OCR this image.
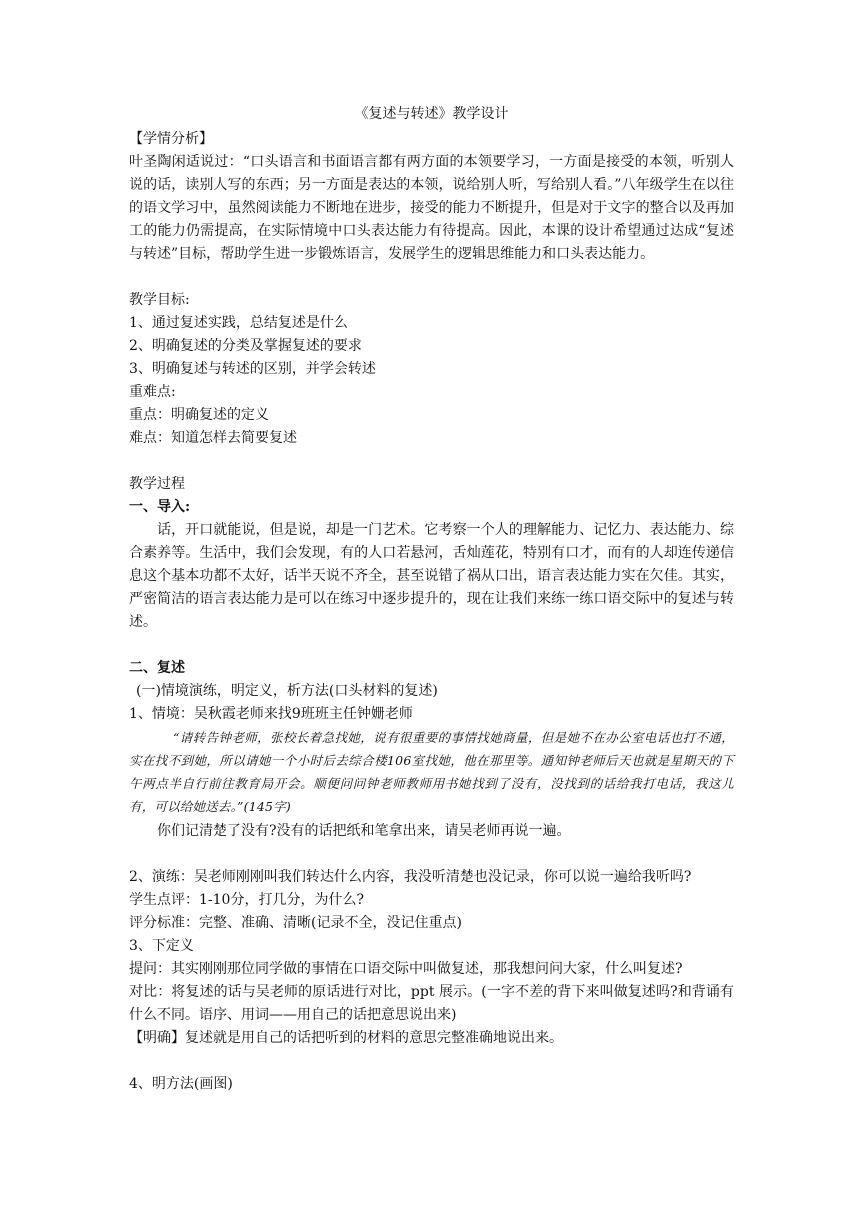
《复述与转述》教学设计

【学情分析】

叶圣陶闲适说过：“口头语言和书面语言都有两方面的本领要学习，一方面是接受的本领，听别人说的话，读别人写的东西；另一方面是表达的本领，说给别人听，写给别人看。”八年级学生在以往的语文学习中，虽然阅读能力不断地在进步，接受的能力不断提升，但是对于文字的整合以及再加工的能力仍需提高，在实际情境中口头表达能力有待提高。因此，本课的设计希望通过达成“复述与转述”目标，帮助学生进一步锻炼语言，发展学生的逻辑思维能力和口头表达能力。

教学目标:

1、通过复述实践，总结复述是什么

2、明确复述的分类及掌握复述的要求

3、明确复述与转述的区别，并学会转述

重难点:

重点：明确复述的定义

难点：知道怎样去简要复述

教学过程

一、导入:

话，开口就能说，但是说，却是一门艺术。它考察一个人的理解能力、记忆力、表达能力、综合素养等。生活中，我们会发现，有的人口若悬河，舌灿莲花，特别有口才，而有的人却连传递信息这个基本功都不太好，话半天说不齐全，甚至说错了祸从口出，语言表达能力实在欠佳。其实，严密简洁的语言表达能力是可以在练习中逐步提升的，现在让我们来练一练口语交际中的复述与转述。

二、复述

(一)情境演练，明定义，析方法(口头材料的复述)

1、情境：吴秋霞老师来找9班班主任钟姗老师

“请转告钟老师，张校长着急找她，说有很重要的事情找她商量，但是她不在办公室电话也打不通，实在找不到她，所以请她一个小时后去综合楼106室找她，他在那里等。通知钟老师后天也就是星期天的下午两点半自行前往教育局开会。顺便问问钟老师教师用书她找到了没有，没找到的话给我打电话，我这儿有，可以给她送去。”(145字)

你们记清楚了没有?没有的话把纸和笔拿出来，请吴老师再说一遍。

2、演练：吴老师刚刚叫我们转达什么内容，我没听清楚也没记录，你可以说一遍给我听吗?

学生点评：1-10分，打几分，为什么?

评分标准：完整、准确、清晰(记录不全，没记住重点)

3、下定义

提问：其实刚刚那位同学做的事情在口语交际中叫做复述，那我想问问大家，什么叫复述?

对比：将复述的话与吴老师的原话进行对比，ppt 展示。(一字不差的背下来叫做复述吗?和背诵有什么不同。语序、用词——用自己的话把意思说出来)

【明确】复述就是用自己的话把听到的材料的意思完整准确地说出来。

4、明方法(画图)
